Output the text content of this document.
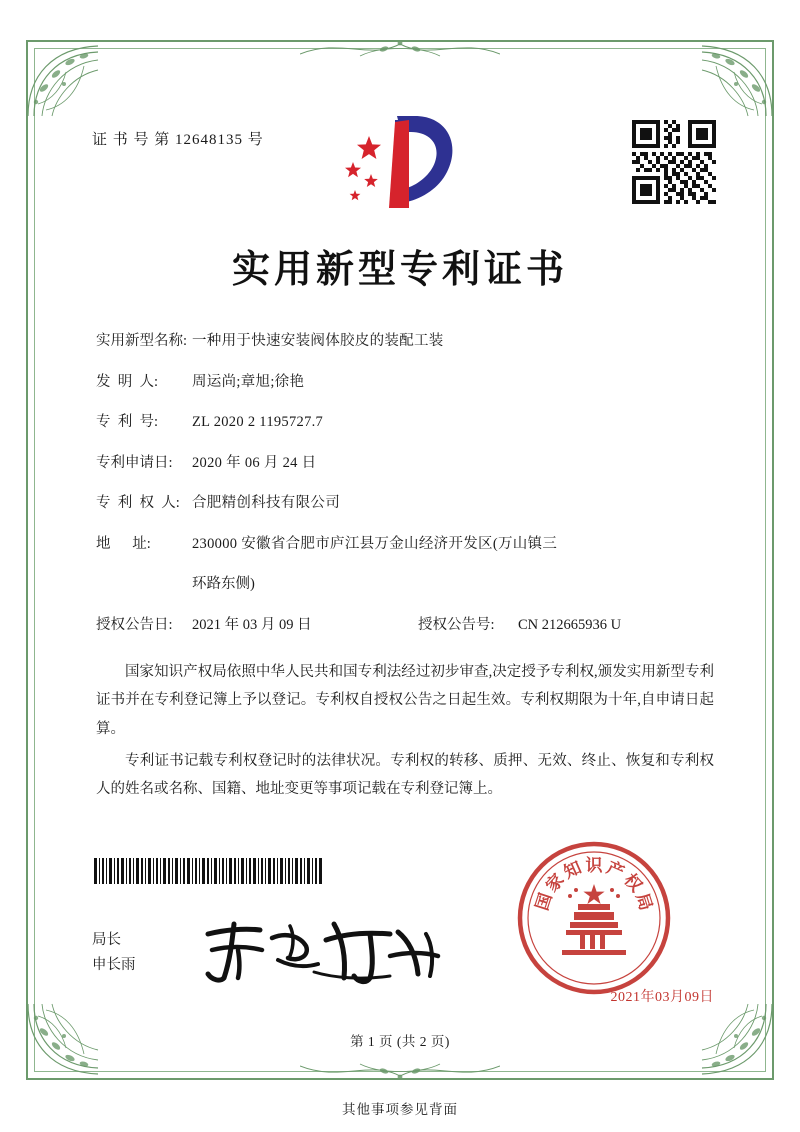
证 书 号 第 12648135 号
实用新型专利证书
实用新型名称: 一种用于快速安装阀体胶皮的装配工装
发  明  人:	周运尚;章旭;徐艳
专  利  号:	ZL 2020 2 1195727.7
专利申请日:	2020 年 06 月 24 日
专  利  权  人: 合肥精创科技有限公司
地      址:	230000 安徽省合肥市庐江县万金山经济开发区(万山镇三
环路东侧)
授权公告日:	2021 年 03 月 09 日	授权公告号:	CN 212665936 U

国家知识产权局依照中华人民共和国专利法经过初步审查,决定授予专利权,颁发实用新型专利证书并在专利登记簿上予以登记。专利权自授权公告之日起生效。专利权期限为十年,自申请日起算。

专利证书记载专利权登记时的法律状况。专利权的转移、质押、无效、终止、恢复和专利权人的姓名或名称、国籍、地址变更等事项记载在专利登记簿上。

国
家
知 识 产
权
局
2021年03月09日
局长
申长雨
第 1 页 (共 2 页)
其他事项参见背面
